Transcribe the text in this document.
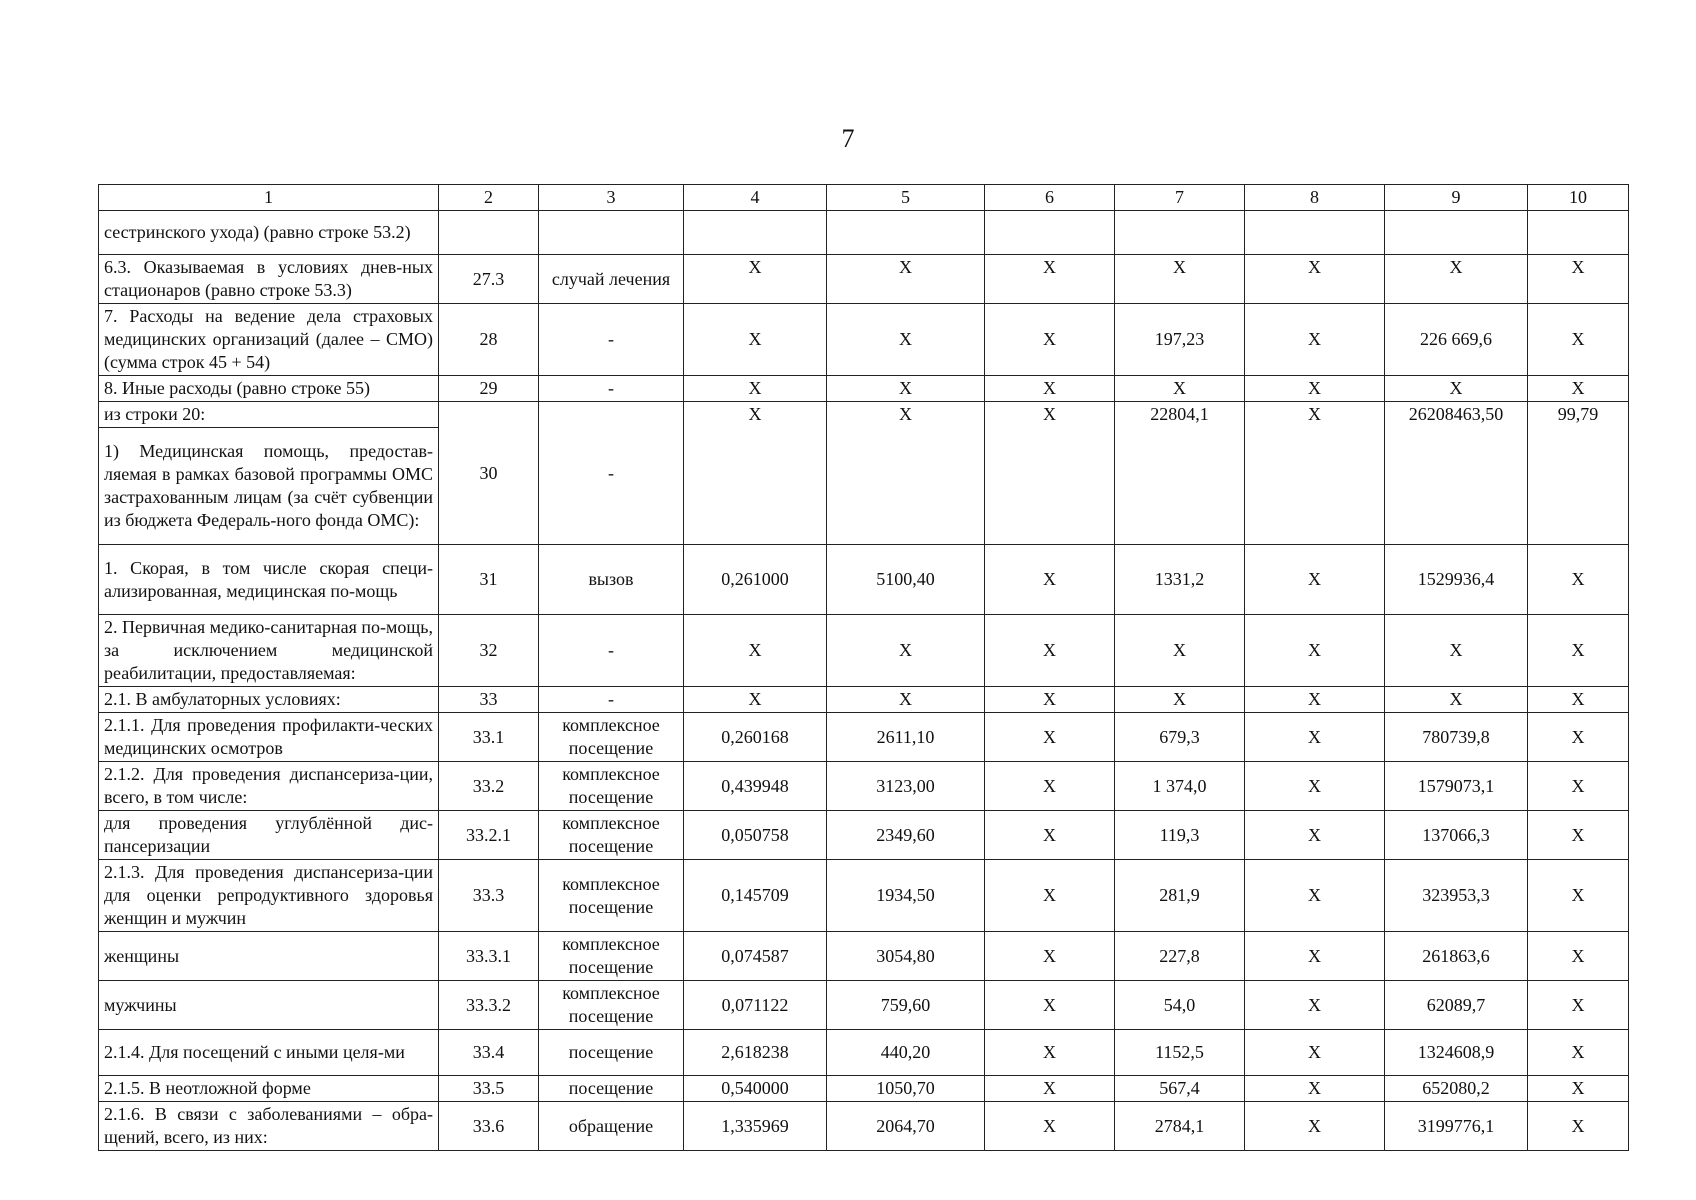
7
1	2	3	4	5	6	7	8	9	10
сестринского ухода) (равно строке 53.2)									
6.3. Оказываемая в условиях днев-ных стационаров (равно строке 53.3)	27.3	случай лечения	Х	Х	Х	Х	Х	Х	Х
7. Расходы на ведение дела страховых медицинских организаций (далее – СМО) (сумма строк 45 + 54)	28	-	Х	Х	Х	197,23	Х	226 669,6	Х
8. Иные расходы (равно строке 55)	29	-	Х	Х	Х	Х	Х	Х	Х
из строки 20:	30	-	Х	Х	Х	22804,1	Х	26208463,50	99,79
1) Медицинская помощь, предостав-ляемая в рамках базовой программы ОМС застрахованным лицам (за счёт субвенции из бюджета Федераль-ного фонда ОМС):									
1. Скорая, в том числе скорая специ-ализированная, медицинская по-мощь	31	вызов	0,261000	5100,40	Х	1331,2	Х	1529936,4	Х
2. Первичная медико-санитарная по-мощь, за исключением медицинской реабилитации, предоставляемая:	32	-	Х	Х	Х	Х	Х	Х	Х
2.1. В амбулаторных условиях:	33	-	Х	Х	Х	Х	Х	Х	Х
2.1.1. Для проведения профилакти-ческих медицинских осмотров	33.1	комплексное посещение	0,260168	2611,10	Х	679,3	Х	780739,8	Х
2.1.2. Для проведения диспансериза-ции, всего, в том числе:	33.2	комплексное посещение	0,439948	3123,00	Х	1 374,0	Х	1579073,1	Х
для проведения углублённой дис-пансеризации	33.2.1	комплексное посещение	0,050758	2349,60	Х	119,3	Х	137066,3	Х
2.1.3. Для проведения диспансериза-ции для оценки репродуктивного здоровья женщин и мужчин	33.3	комплексное посещение	0,145709	1934,50	Х	281,9	Х	323953,3	Х
женщины	33.3.1	комплексное посещение	0,074587	3054,80	Х	227,8	Х	261863,6	Х
мужчины	33.3.2	комплексное посещение	0,071122	759,60	Х	54,0	Х	62089,7	Х
2.1.4. Для посещений с иными целя-ми	33.4	посещение	2,618238	440,20	Х	1152,5	Х	1324608,9	Х
2.1.5. В неотложной форме	33.5	посещение	0,540000	1050,70	Х	567,4	Х	652080,2	Х
2.1.6. В связи с заболеваниями – обра-щений, всего, из них:	33.6	обращение	1,335969	2064,70	Х	2784,1	Х	3199776,1	Х
